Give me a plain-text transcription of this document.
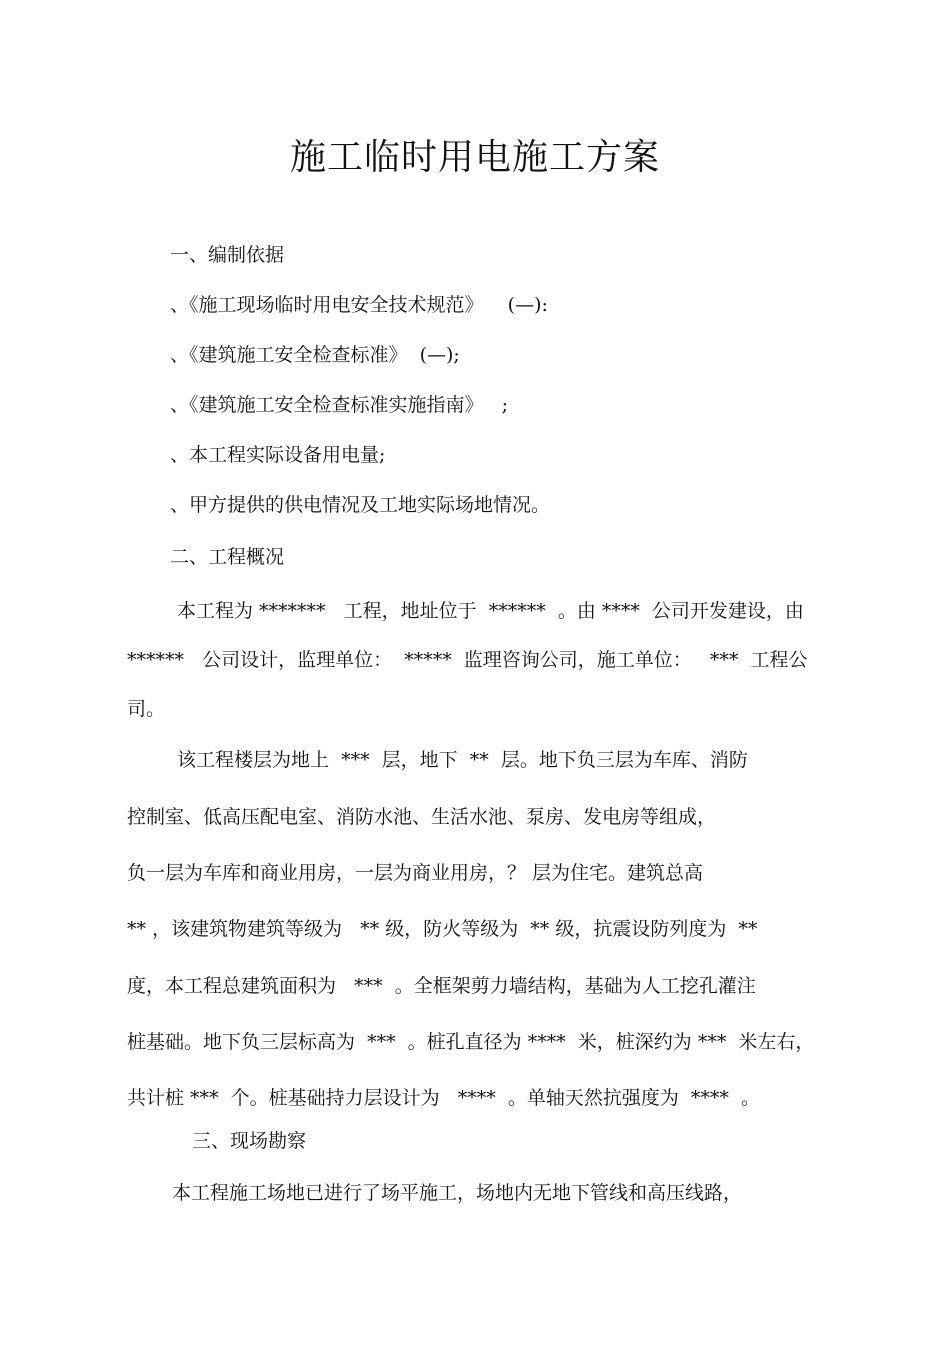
施工临时用电施工方案
一、编制依据
、《施工现场临时用电安全技术规范》    (—):
、《建筑施工安全检查标准》  (—);
、《建筑施工安全检查标准实施指南》   ;
、本工程实际设备用电量;
、甲方提供的供电情况及工地实际场地情况。
二、工程概况
本工程为 *******   工程，地址位于  ******  。由 ****  公司开发建设，由
******   公司设计，监理单位：  *****  监理咨询公司，施工单位：   ***  工程公
司。
该工程楼层为地上  ***  层，地下  **  层。地下负三层为车库、消防
控制室、低高压配电室、消防水池、生活水池、泵房、发电房等组成，
负一层为车库和商业用房，一层为商业用房，？ 层为住宅。建筑总高
** ，该建筑物建筑等级为   ** 级，防火等级为  ** 级，抗震设防列度为  **
度，本工程总建筑面积为   ***  。全框架剪力墙结构，基础为人工挖孔灌注
桩基础。地下负三层标高为  ***  。桩孔直径为 ****  米，桩深约为 ***  米左右，
共计桩 ***  个。桩基础持力层设计为   ****  。单轴天然抗强度为  ****  。
三、现场勘察
本工程施工场地已进行了场平施工，场地内无地下管线和高压线路，
